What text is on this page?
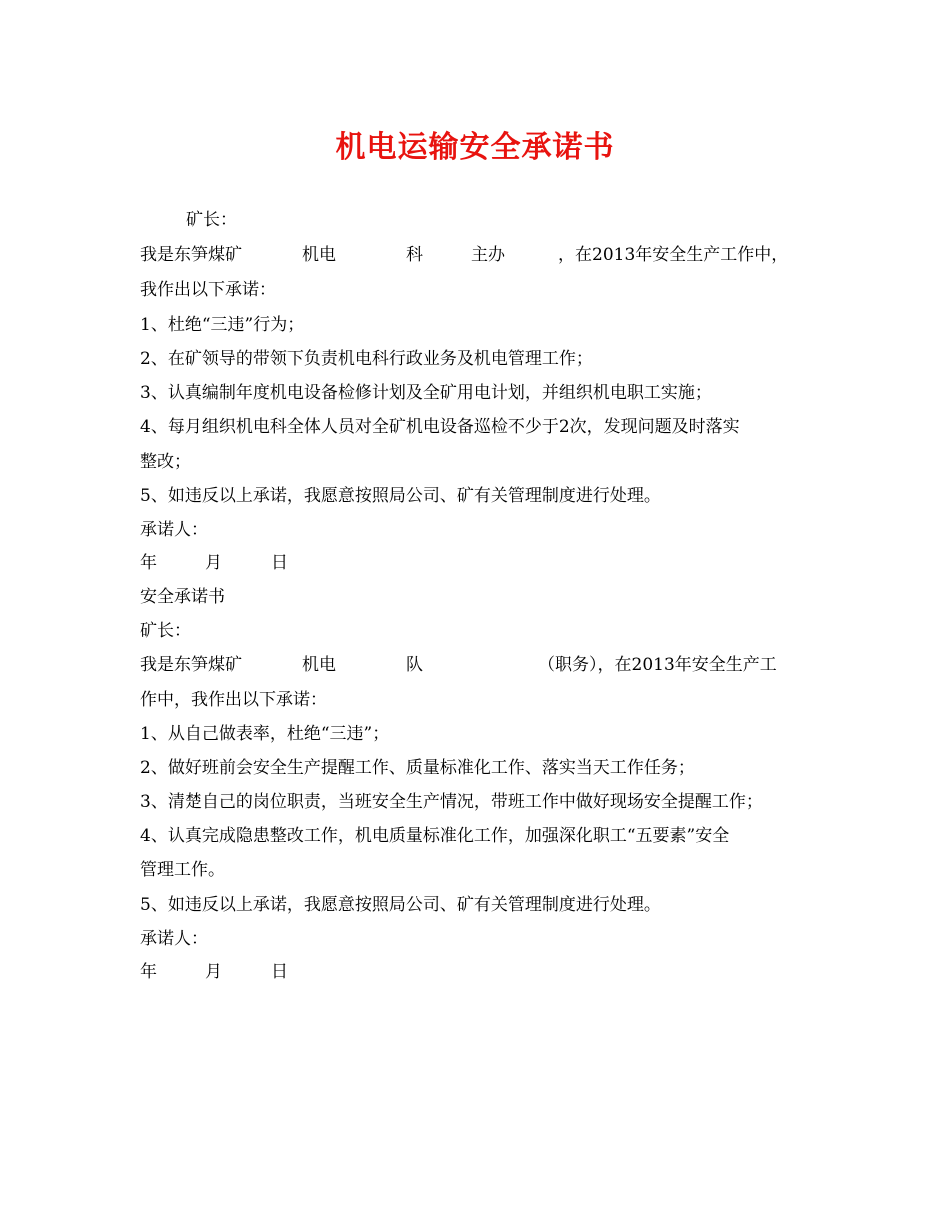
机电运输安全承诺书
矿长：
我是东笋煤矿	机电	科	主办	，在2013年安全生产工作中，
我作出以下承诺：
1、杜绝“三违”行为；
2、在矿领导的带领下负责机电科行政业务及机电管理工作；
3、认真编制年度机电设备检修计划及全矿用电计划，并组织机电职工实施；
4、每月组织机电科全体人员对全矿机电设备巡检不少于2次，发现问题及时落实
整改；
5、如违反以上承诺，我愿意按照局公司、矿有关管理制度进行处理。
承诺人：
年	月	日
安全承诺书
矿长：
我是东笋煤矿	机电	队	（职务），在2013年安全生产工
作中，我作出以下承诺：
1、从自己做表率，杜绝“三违”；
2、做好班前会安全生产提醒工作、质量标准化工作、落实当天工作任务；
3、清楚自己的岗位职责，当班安全生产情况，带班工作中做好现场安全提醒工作；
4、认真完成隐患整改工作，机电质量标准化工作，加强深化职工“五要素”安全
管理工作。
5、如违反以上承诺，我愿意按照局公司、矿有关管理制度进行处理。
承诺人：
年	月	日
